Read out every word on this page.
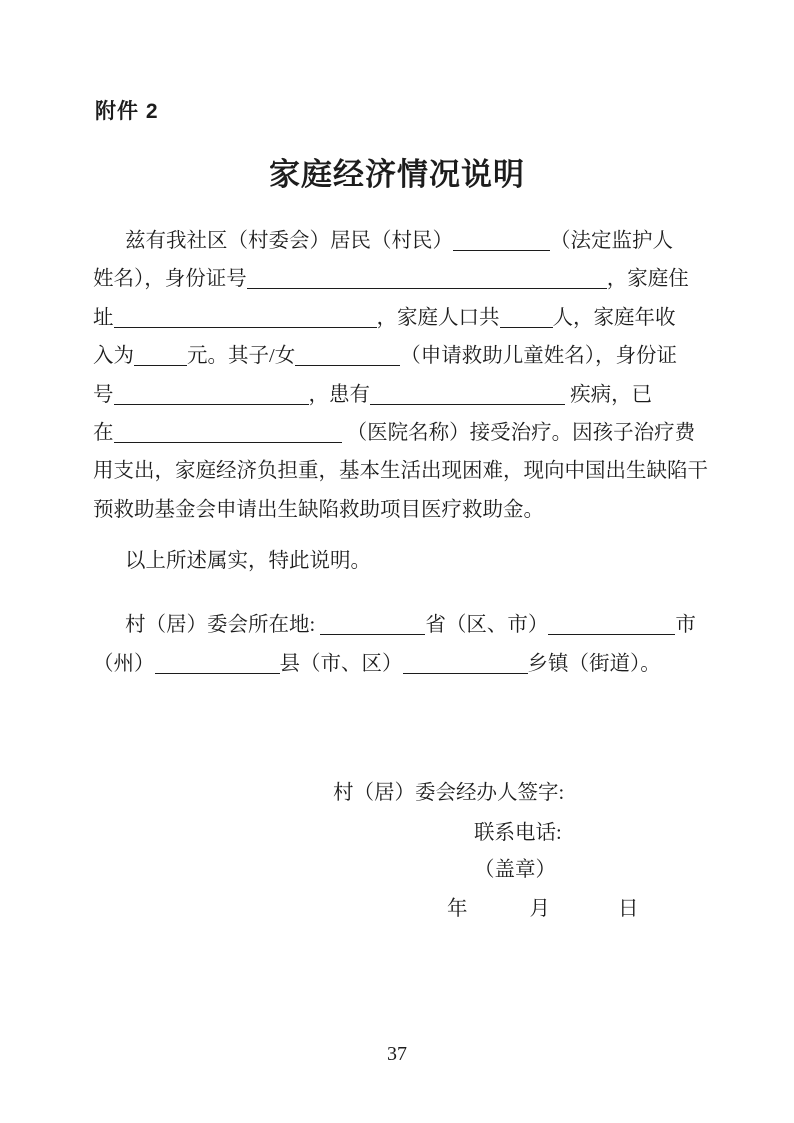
附件 2
家庭经济情况说明
兹有我社区（村委会）居民（村民）	（法定监护人
姓名），身份证号	，家庭住
址	，家庭人口共	人，家庭年收
入为	元。其子/女	（申请救助儿童姓名），身份证
号	，患有	疾病，已
在	（医院名称）接受治疗。因孩子治疗费
用支出，家庭经济负担重，基本生活出现困难，现向中国出生缺陷干
预救助基金会申请出生缺陷救助项目医疗救助金。
以上所述属实，特此说明。
村（居）委会所在地:	省（区、市）	市
（州）	县（市、区）	乡镇（街道）。
村（居）委会经办人签字:
联系电话:
（盖章）
年	月	日
37
